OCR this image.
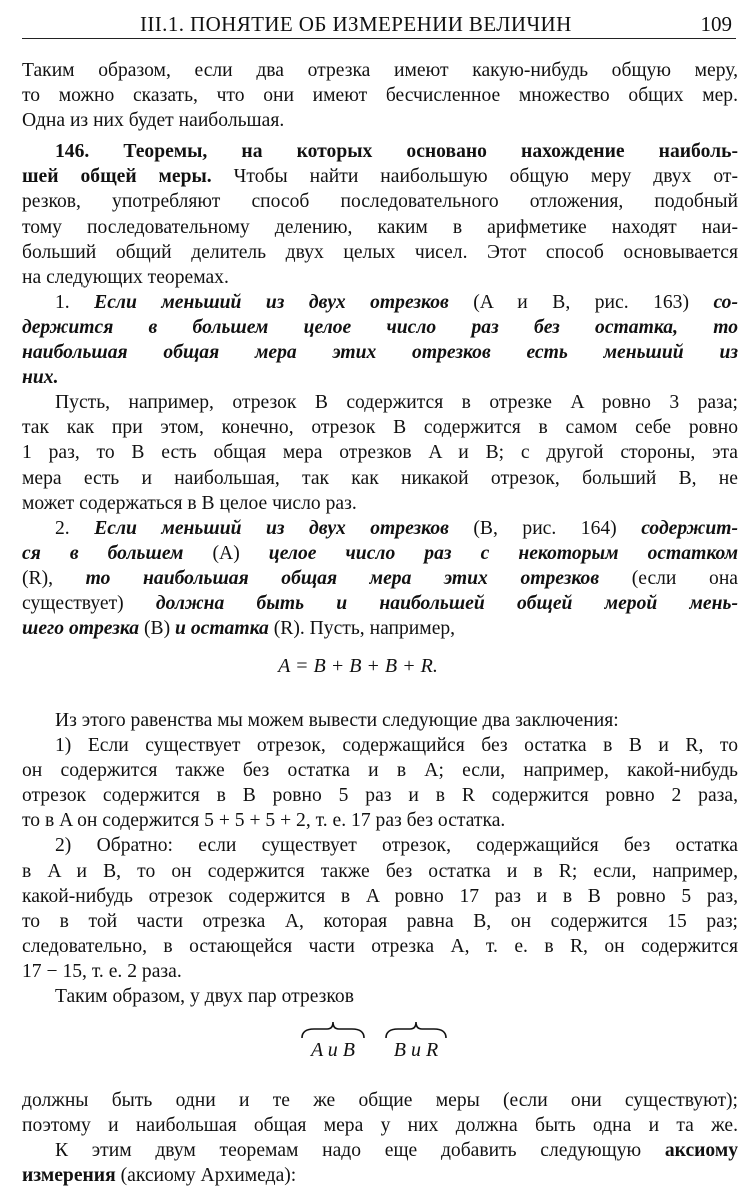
III.1. ПОНЯТИЕ ОБ ИЗМЕРЕНИИ ВЕЛИЧИН	109
Таким образом, если два отрезка имеют какую-нибудь общую меру,
то можно сказать, что они имеют бесчисленное множество общих мер.
Одна из них будет наибольшая.
146. Теоремы, на которых основано нахождение наиболь-
шей общей меры. Чтобы найти наибольшую общую меру двух от-
резков, употребляют способ последовательного отложения, подобный
тому последовательному делению, каким в арифметике находят наи-
больший общий делитель двух целых чисел. Этот способ основывается
на следующих теоремах.
1. Если меньший из двух отрезков (A и B, рис. 163) со-
держится в большем целое число раз без остатка, то
наибольшая общая мера этих отрезков есть меньший из
них.
Пусть, например, отрезок B содержится в отрезке A ровно 3 раза;
так как при этом, конечно, отрезок B содержится в самом себе ровно
1 раз, то B есть общая мера отрезков A и B; с другой стороны, эта
мера есть и наибольшая, так как никакой отрезок, больший B, не
может содержаться в B целое число раз.
2. Если меньший из двух отрезков (B, рис. 164) содержит-
ся в большем (A) целое число раз с некоторым остатком
(R), то наибольшая общая мера этих отрезков (если она
существует) должна быть и наибольшей общей мерой мень-
шего отрезка (B) и остатка (R). Пусть, например,
A = B + B + B + R.
Из этого равенства мы можем вывести следующие два заключения:
1) Если существует отрезок, содержащийся без остатка в B и R, то
он содержится также без остатка и в A; если, например, какой-нибудь
отрезок содержится в B ровно 5 раз и в R содержится ровно 2 раза,
то в A он содержится 5 + 5 + 5 + 2, т. е. 17 раз без остатка.
2) Обратно: если существует отрезок, содержащийся без остатка
в A и B, то он содержится также без остатка и в R; если, например,
какой-нибудь отрезок содержится в A ровно 17 раз и в B ровно 5 раз,
то в той части отрезка A, которая равна B, он содержится 15 раз;
следовательно, в остающейся части отрезка A, т. е. в R, он содержится
17 − 15, т. е. 2 раза.
Таким образом, у двух пар отрезков
A и B	B и R
должны быть одни и те же общие меры (если они существуют);
поэтому и наибольшая общая мера у них должна быть одна и та же.
К этим двум теоремам надо еще добавить следующую аксиому
измерения (аксиому Архимеда):
